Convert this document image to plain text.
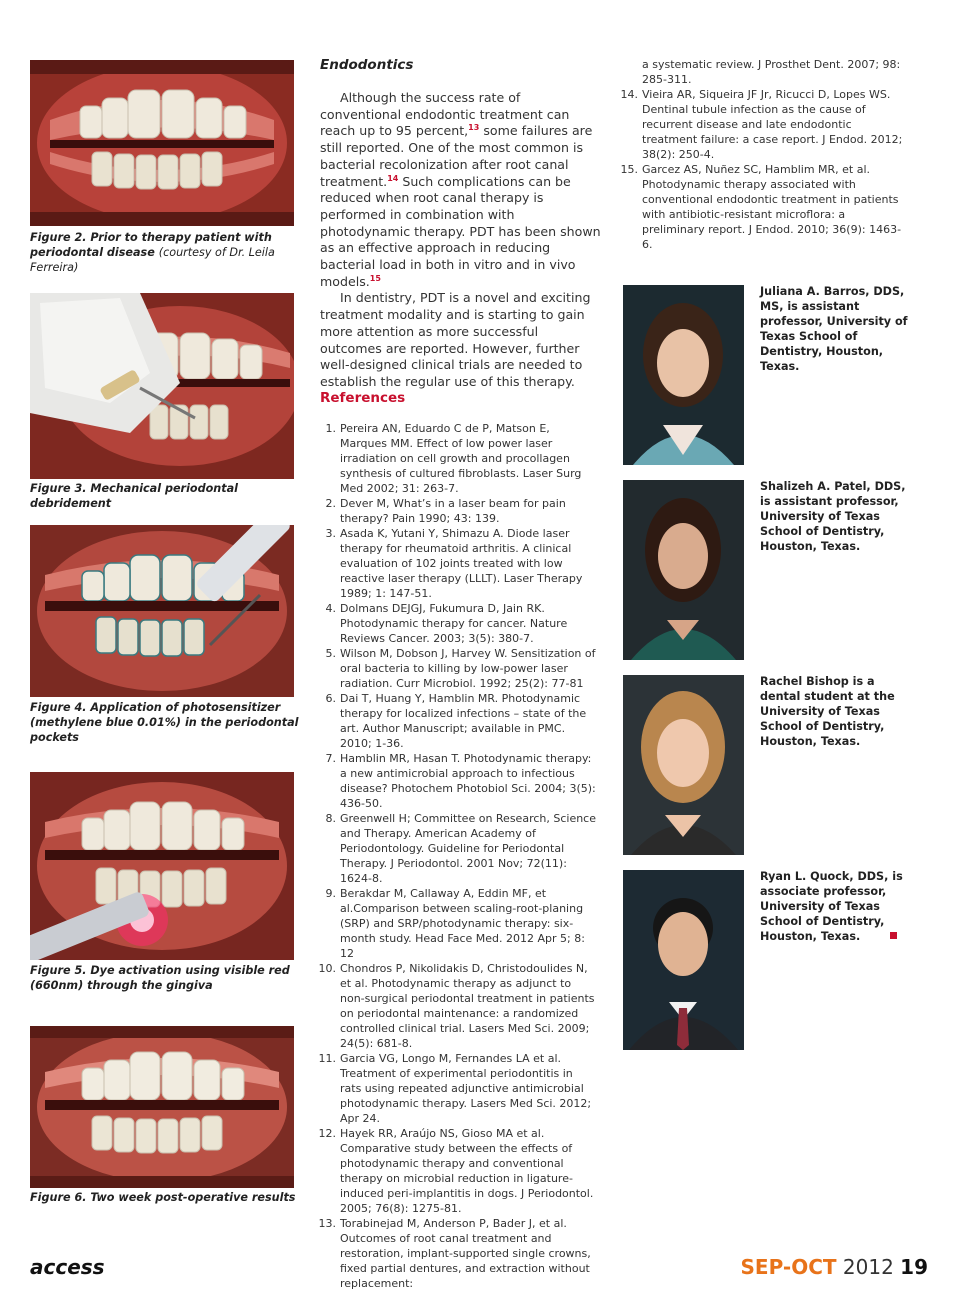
Figure 2. Prior to therapy patient with periodontal disease (courtesy of Dr. Leila Ferreira)
Figure 3. Mechanical periodontal debridement
Figure 4. Application of photosensitizer (methylene blue 0.01%) in the periodontal pockets
Figure 5. Dye activation using visible red (660nm) through the gingiva
Figure 6. Two week post-operative results
Endodontics

Although the success rate of conventional endodontic treatment can reach up to 95 percent,$^{13}$ some failures are still reported. One of the most common is bacterial recolonization after root canal treatment.$^{14}$ Such complications can be reduced when root canal therapy is performed in combination with photodynamic therapy. PDT has been shown as an effective approach in reducing bacterial load in both in vitro and in vivo models.$^{15}$

In dentistry, PDT is a novel and exciting treatment modality and is starting to gain more attention as more successful outcomes are reported. However, further well-designed clinical trials are needed to establish the regular use of this therapy.

References
1. Pereira AN, Eduardo C de P, Matson E, Marques MM. Effect of low power laser irradiation on cell growth and procollagen synthesis of cultured fibroblasts. Laser Surg Med 2002; 31: 263-7.
2. Dever M, What’s in a laser beam for pain therapy? Pain 1990; 43: 139.
3. Asada K, Yutani Y, Shimazu A. Diode laser therapy for rheumatoid arthritis. A clinical evaluation of 102 joints treated with low reactive laser therapy (LLLT). Laser Therapy 1989; 1: 147-51.
4. Dolmans DEJGJ, Fukumura D, Jain RK. Photodynamic therapy for cancer. Nature Reviews Cancer. 2003; 3(5): 380-7.
5. Wilson M, Dobson J, Harvey W. Sensitization of oral bacteria to killing by low-power laser radiation. Curr Microbiol. 1992; 25(2): 77-81
6. Dai T, Huang Y, Hamblin MR. Photodynamic therapy for localized infections – state of the art. Author Manuscript; available in PMC. 2010; 1-36.
7. Hamblin MR, Hasan T. Photodynamic therapy: a new antimicrobial approach to infectious disease? Photochem Photobiol Sci. 2004; 3(5): 436-50.
8. Greenwell H; Committee on Research, Science and Therapy. American Academy of Periodontology. Guideline for Periodontal Therapy. J Periodontol. 2001 Nov; 72(11): 1624-8.
9. Berakdar M, Callaway A, Eddin MF, et al.Comparison between scaling-root-planing (SRP) and SRP/photodynamic therapy: six-month study. Head Face Med. 2012 Apr 5; 8: 12
10. Chondros P, Nikolidakis D, Christodoulides N, et al. Photodynamic therapy as adjunct to non-surgical periodontal treatment in patients on periodontal maintenance: a randomized controlled clinical trial. Lasers Med Sci. 2009; 24(5): 681-8.
11. Garcia VG, Longo M, Fernandes LA et al. Treatment of experimental periodontitis in rats using repeated adjunctive antimicrobial photodynamic therapy. Lasers Med Sci. 2012; Apr 24.
12. Hayek RR, Araújo NS, Gioso MA et al. Comparative study between the effects of photodynamic therapy and conventional therapy on microbial reduction in ligature-induced peri-implantitis in dogs. J Periodontol. 2005; 76(8): 1275-81.
13. Torabinejad M, Anderson P, Bader J, et al. Outcomes of root canal treatment and restoration, implant-supported single crowns, fixed partial dentures, and extraction without replacement:
a systematic review. J Prosthet Dent. 2007; 98: 285-311.
14. Vieira AR, Siqueira JF Jr, Ricucci D, Lopes WS. Dentinal tubule infection as the cause of recurrent disease and late endodontic treatment failure: a case report. J Endod. 2012; 38(2): 250-4.
15. Garcez AS, Nuñez SC, Hamblim MR, et al. Photodynamic therapy associated with conventional endodontic treatment in patients with antibiotic-resistant microflora: a preliminary report. J Endod. 2010; 36(9): 1463-6.
Juliana A. Barros, DDS, MS, is assistant professor, University of Texas School of Dentistry, Houston, Texas.
Shalizeh A. Patel, DDS, is assistant professor, University of Texas School of Dentistry, Houston, Texas.
Rachel Bishop is a dental student at the University of Texas School of Dentistry, Houston, Texas.
Ryan L. Quock, DDS, is associate professor, University of Texas School of Dentistry, Houston, Texas.
access	SEP-OCT 2012 19
